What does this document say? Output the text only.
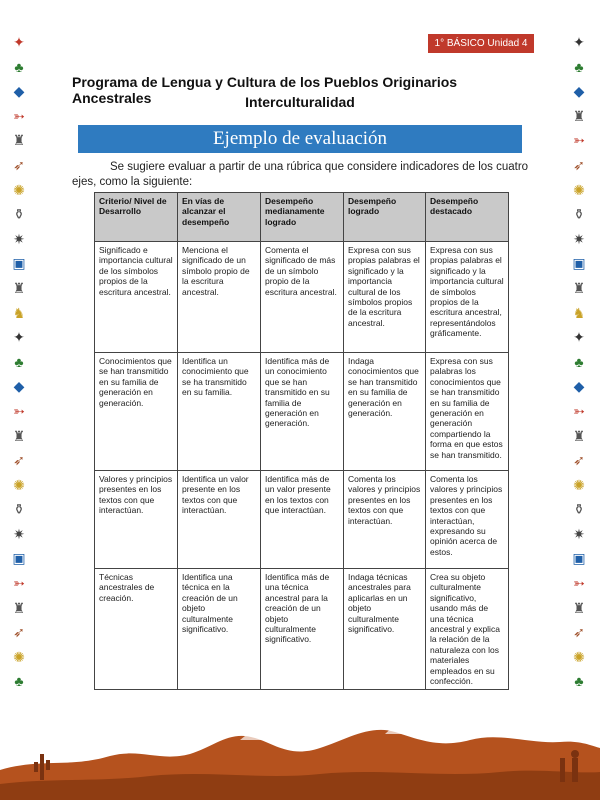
1° BÁSICO Unidad 4
✦
♣
◆
➳
♜
➶
✺
⚱
✷
▣
♜
♞
✦
♣
◆
➳
♜
➶
✺
⚱
✷
▣
➳
♜
➶
✺
♣
✦
♣
◆
♜
➳
➶
✺
⚱
✷
▣
♜
♞
✦
♣
◆
➳
♜
➶
✺
⚱
✷
▣
➳
♜
➶
✺
♣
Programa de Lengua y Cultura de los Pueblos Originarios Ancestrales	Interculturalidad
Ejemplo de evaluación
Se sugiere evaluar a partir de una rúbrica que considere indicadores de los cuatro ejes, como la siguiente:
Criterio/ Nivel de Desarrollo	En vías de alcanzar el desempeño	Desempeño medianamente logrado	Desempeño logrado	Desempeño destacado
Significado e importancia cultural de los símbolos propios de la escritura ancestral.	Menciona el significado de un símbolo propio de la escritura ancestral.	Comenta el significado de más de un símbolo propio de la escritura ancestral.	Expresa con sus propias palabras el significado y la importancia cultural de los símbolos propios de la escritura ancestral.	Expresa con sus propias palabras el significado y la importancia cultural de símbolos propios de la escritura ancestral, representándolos gráficamente.
Conocimientos que se han transmitido en su familia de generación en generación.	Identifica un conocimiento que se ha transmitido en su familia.	Identifica más de un conocimiento que se han transmitido en su familia de generación en generación.	Indaga conocimientos que se han transmitido en su familia de generación en generación.	Expresa con sus palabras los conocimientos que se han transmitido en su familia de generación en generación compartiendo la forma en que estos se han transmitido.
Valores y principios presentes en los textos con que interactúan.	Identifica un valor presente en los textos con que interactúan.	Identifica más de un valor presente en los textos con que interactúan.	Comenta los valores y principios presentes en los textos con que interactúan.	Comenta los valores y principios presentes en los textos con que interactúan, expresando su opinión acerca de estos.
Técnicas ancestrales de creación.	Identifica una técnica en la creación de un objeto culturalmente significativo.	Identifica más de una técnica ancestral para la creación de un objeto culturalmente significativo.	Indaga técnicas ancestrales para aplicarlas en un objeto culturalmente significativo.	Crea su objeto culturalmente significativo, usando más de una técnica ancestral y explica la relación de la naturaleza con los materiales empleados en su confección.
